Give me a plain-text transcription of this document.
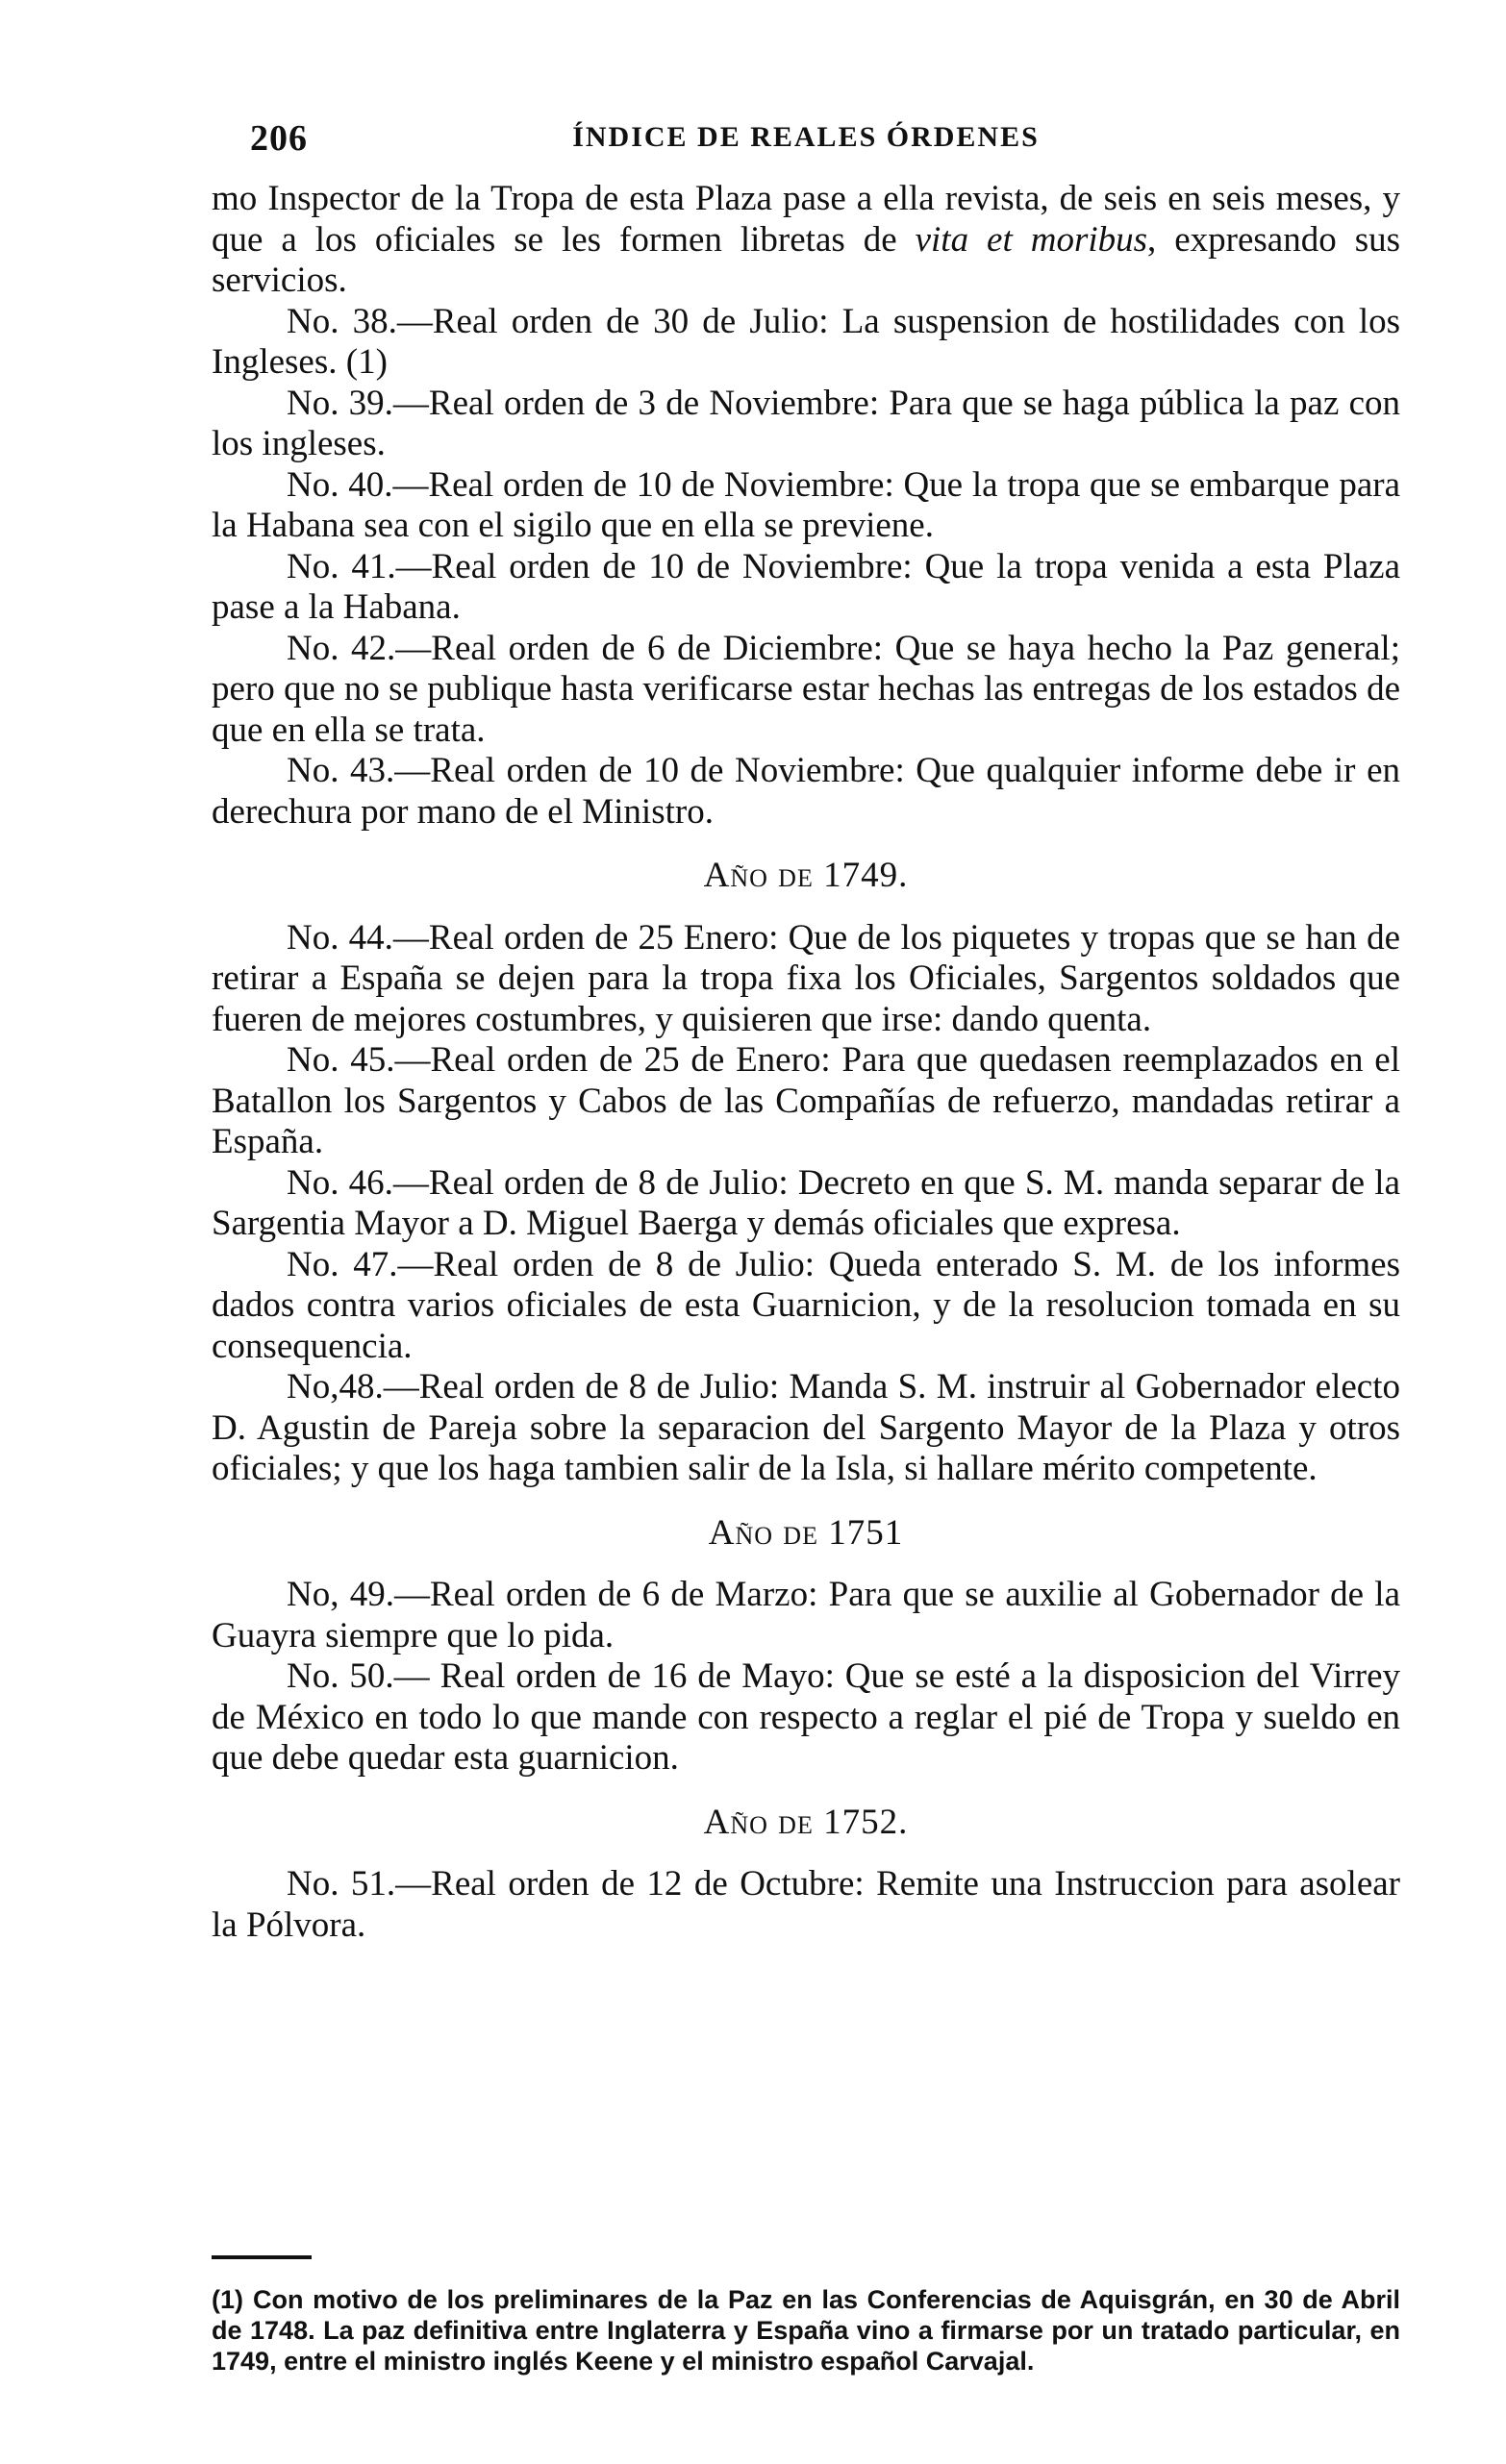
206	ÍNDICE DE REALES ÓRDENES

mo Inspector de la Tropa de esta Plaza pase a ella revista, de seis en seis meses, y que a los oficiales se les formen libretas de vita et moribus, expresando sus servicios.

No. 38.—Real orden de 30 de Julio: La suspension de hostilidades con los Ingleses. (1)

No. 39.—Real orden de 3 de Noviembre: Para que se haga pública la paz con los ingleses.

No. 40.—Real orden de 10 de Noviembre: Que la tropa que se embarque para la Habana sea con el sigilo que en ella se previene.

No. 41.—Real orden de 10 de Noviembre: Que la tropa venida a esta Plaza pase a la Habana.

No. 42.—Real orden de 6 de Diciembre: Que se haya hecho la Paz general; pero que no se publique hasta verificarse estar hechas las entregas de los estados de que en ella se trata.

No. 43.—Real orden de 10 de Noviembre: Que qualquier informe debe ir en derechura por mano de el Ministro.

Año de 1749.

No. 44.—Real orden de 25 Enero: Que de los piquetes y tropas que se han de retirar a España se dejen para la tropa fixa los Oficiales, Sargentos soldados que fueren de mejores costumbres, y quisieren que irse: dando quenta.

No. 45.—Real orden de 25 de Enero: Para que quedasen reemplazados en el Batallon los Sargentos y Cabos de las Compañías de refuerzo, mandadas retirar a España.

No. 46.—Real orden de 8 de Julio: Decreto en que S. M. manda separar de la Sargentia Mayor a D. Miguel Baerga y demás oficiales que expresa.

No. 47.—Real orden de 8 de Julio: Queda enterado S. M. de los informes dados contra varios oficiales de esta Guarnicion, y de la resolucion tomada en su consequencia.

No,48.—Real orden de 8 de Julio: Manda S. M. instruir al Gobernador electo D. Agustin de Pareja sobre la separacion del Sargento Mayor de la Plaza y otros oficiales; y que los haga tambien salir de la Isla, si hallare mérito competente.

Año de 1751

No, 49.—Real orden de 6 de Marzo: Para que se auxilie al Gobernador de la Guayra siempre que lo pida.

No. 50.— Real orden de 16 de Mayo: Que se esté a la disposicion del Virrey de México en todo lo que mande con respecto a reglar el pié de Tropa y sueldo en que debe quedar esta guarnicion.

Año de 1752.

No. 51.—Real orden de 12 de Octubre: Remite una Instruccion para asolear la Pólvora.

(1) Con motivo de los preliminares de la Paz en las Conferencias de Aquisgrán, en 30 de Abril de 1748. La paz definitiva entre Inglaterra y España vino a firmarse por un tratado particular, en 1749, entre el ministro inglés Keene y el ministro español Carvajal.
